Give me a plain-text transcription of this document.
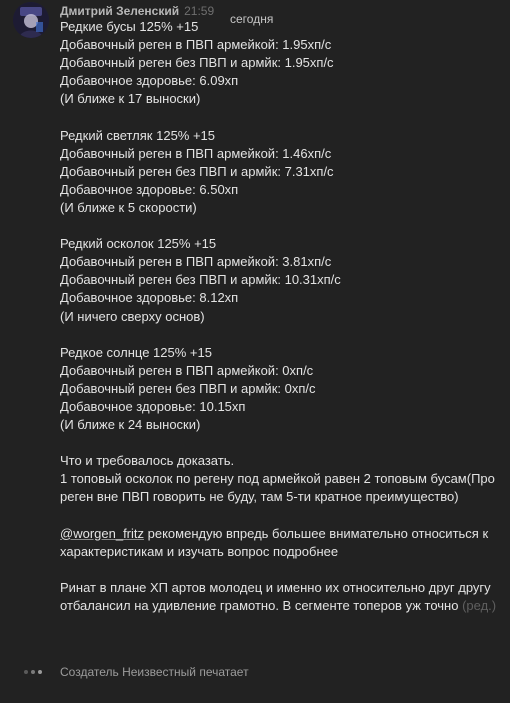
Дмитрий Зеленский 21:59
сегодня

Редкие бусы 125% +15

Добавочный реген в ПВП армейкой: 1.95хп/с

Добавочный реген без ПВП и армйк: 1.95хп/с

Добавочное здоровье: 6.09хп

(И ближе к 17 выноски)

Редкий светляк 125% +15

Добавочный реген в ПВП армейкой: 1.46хп/с

Добавочный реген без ПВП и армйк: 7.31хп/с

Добавочное здоровье: 6.50хп

(И ближе к 5 скорости)

Редкий осколок 125% +15

Добавочный реген в ПВП армейкой: 3.81хп/с

Добавочный реген без ПВП и армйк: 10.31хп/с

Добавочное здоровье: 8.12хп

(И ничего сверху основ)

Редкое солнце 125% +15

Добавочный реген в ПВП армейкой: 0хп/с

Добавочный реген без ПВП и армйк: 0хп/с

Добавочное здоровье: 10.15хп

(И ближе к 24 выноски)

Что и требовалось доказать.

1 топовый осколок по регену под армейкой равен 2 топовым бусам(Про реген вне ПВП говорить не буду, там 5-ти кратное преимущество)

@worgen_fritz рекомендую впредь большее внимательно относиться к характеристикам и изучать вопрос подробнее

Ринат в плане ХП артов молодец и именно их относительно друг другу отбалансил на удивление грамотно. В сегменте топеров уж точно (ред.)

Создатель Неизвестный печатает
